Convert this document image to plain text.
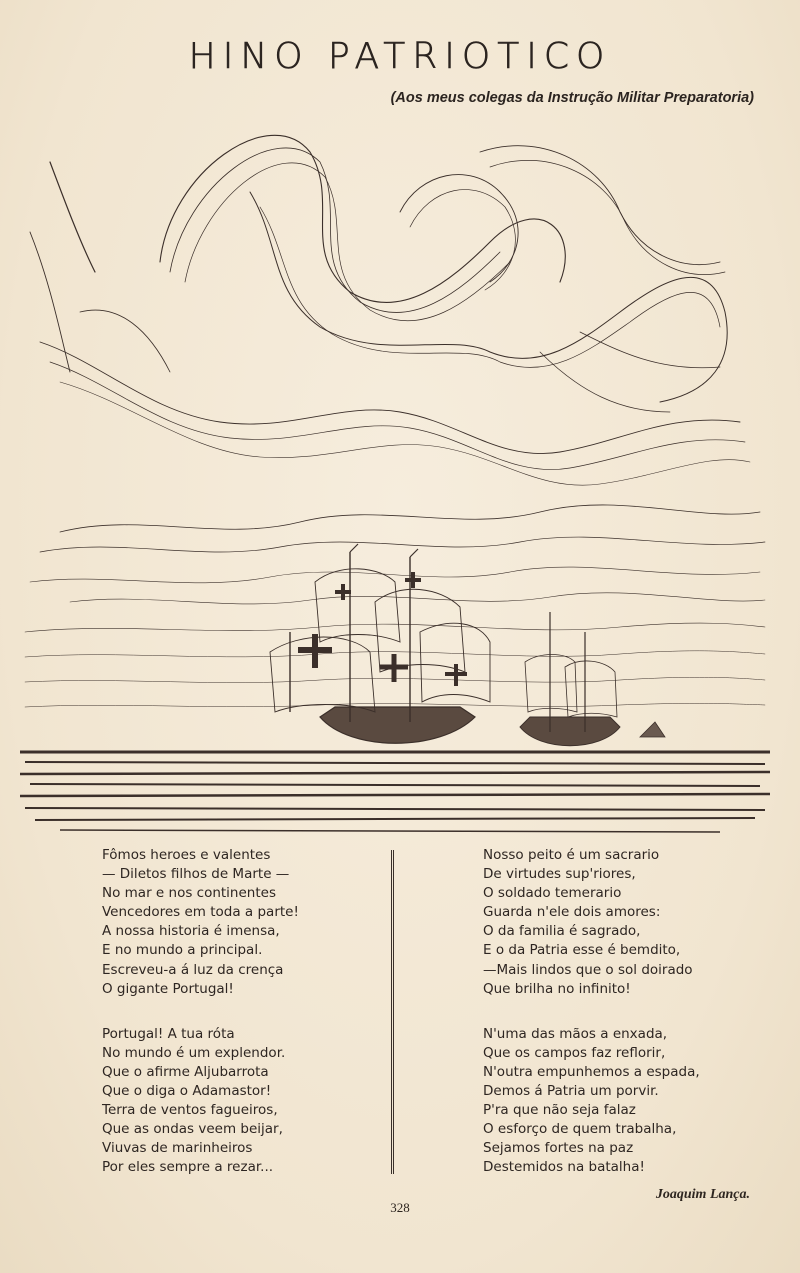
HINO PATRIOTICO
(Aos meus colegas da Instrução Militar Preparatoria)
Fômos heroes e valentes
— Diletos filhos de Marte —
No mar e nos continentes
Vencedores em toda a parte!
A nossa historia é imensa,
E no mundo a principal.
Escreveu-a á luz da crença
O gigante Portugal!
Portugal! A tua róta
No mundo é um explendor.
Que o afirme Aljubarrota
Que o diga o Adamastor!
Terra de ventos fagueiros,
Que as ondas veem beijar,
Viuvas de marinheiros
Por eles sempre a rezar...
Nosso peito é um sacrario
De virtudes sup'riores,
O soldado temerario
Guarda n'ele dois amores:
O da familia é sagrado,
E o da Patria esse é bemdito,
—Mais lindos que o sol doirado
Que brilha no infinito!
N'uma das mãos a enxada,
Que os campos faz reflorir,
N'outra empunhemos a espada,
Demos á Patria um porvir.
P'ra que não seja falaz
O esforço de quem trabalha,
Sejamos fortes na paz
Destemidos na batalha!
Joaquim Lança.
328
